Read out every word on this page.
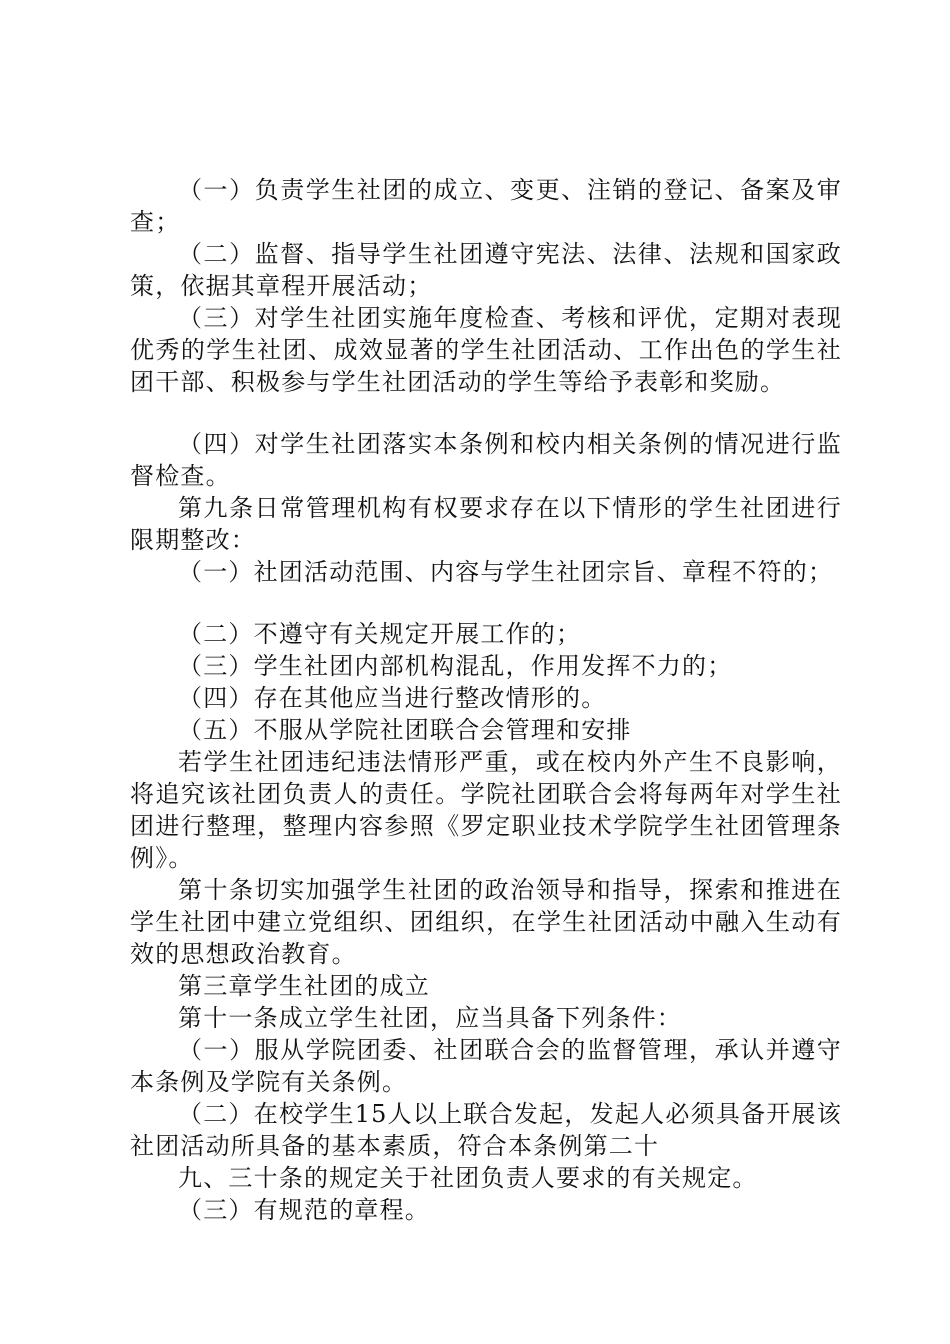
（一）负责学生社团的成立、变更、注销的登记、备案及审查；

（二）监督、指导学生社团遵守宪法、法律、法规和国家政策，依据其章程开展活动；

（三）对学生社团实施年度检查、考核和评优，定期对表现优秀的学生社团、成效显著的学生社团活动、工作出色的学生社团干部、积极参与学生社团活动的学生等给予表彰和奖励。

（四）对学生社团落实本条例和校内相关条例的情况进行监督检查。

第九条日常管理机构有权要求存在以下情形的学生社团进行限期整改：

（一）社团活动范围、内容与学生社团宗旨、章程不符的；

（二）不遵守有关规定开展工作的；

（三）学生社团内部机构混乱，作用发挥不力的；

（四）存在其他应当进行整改情形的。

（五）不服从学院社团联合会管理和安排

若学生社团违纪违法情形严重，或在校内外产生不良影响，将追究该社团负责人的责任。学院社团联合会将每两年对学生社团进行整理，整理内容参照《罗定职业技术学院学生社团管理条例》。

第十条切实加强学生社团的政治领导和指导，探索和推进在学生社团中建立党组织、团组织，在学生社团活动中融入生动有效的思想政治教育。

第三章学生社团的成立

第十一条成立学生社团，应当具备下列条件：

（一）服从学院团委、社团联合会的监督管理，承认并遵守本条例及学院有关条例。

（二）在校学生15人以上联合发起，发起人必须具备开展该社团活动所具备的基本素质，符合本条例第二十

九、三十条的规定关于社团负责人要求的有关规定。

（三）有规范的章程。
